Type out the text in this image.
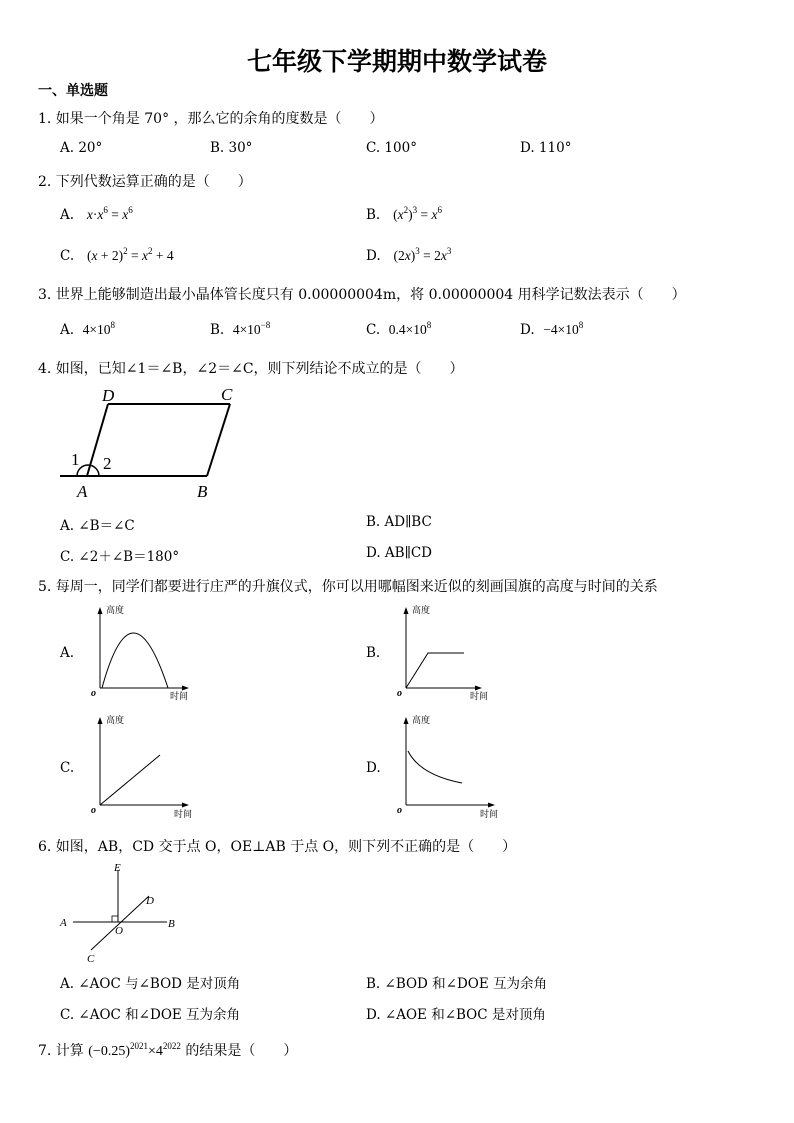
七年级下学期期中数学试卷
一、单选题
1. 如果一个角是 70° ，那么它的余角的度数是（　　）
A. 20°	B. 30°	C. 100°	D. 110°
2. 下列代数运算正确的是（　　）
A. $x\cdot x^6 = x^6$	B. $(x^2)^3 = x^6$
C. $(x + 2)^2 = x^2 + 4$	D. $(2x)^3 = 2x^3$
3. 世界上能够制造出最小晶体管长度只有 0.00000004m，将 0.00000004 用科学记数法表示（　　）
A. $4\times 10^8$	B. $4\times 10^{-8}$	C. $0.4\times 10^8$	D. $-4\times 10^8$
4. 如图，已知∠1＝∠B，∠2＝∠C，则下列结论不成立的是（　　）
D	C
A	B
1 2
A. ∠B＝∠C	B. AD∥BC
C. ∠2＋∠B＝180°	D. AB∥CD
5. 每周一，同学们都要进行庄严的升旗仪式，你可以用哪幅图来近似的刻画国旗的高度与时间的关系
A.
高度
时间
o
B.
高度
时间
o
C.
高度
时间
o
D.
高度
时间
o
6. 如图，AB，CD 交于点 O，OE⊥AB 于点 O，则下列不正确的是（　　）
E
D
A	B
O
C
A. ∠AOC 与∠BOD 是对顶角	B. ∠BOD 和∠DOE 互为余角
C. ∠AOC 和∠DOE 互为余角	D. ∠AOE 和∠BOC 是对顶角
7. 计算 $(-0.25)^{2021}\times 4^{2022}$ 的结果是（　　）
